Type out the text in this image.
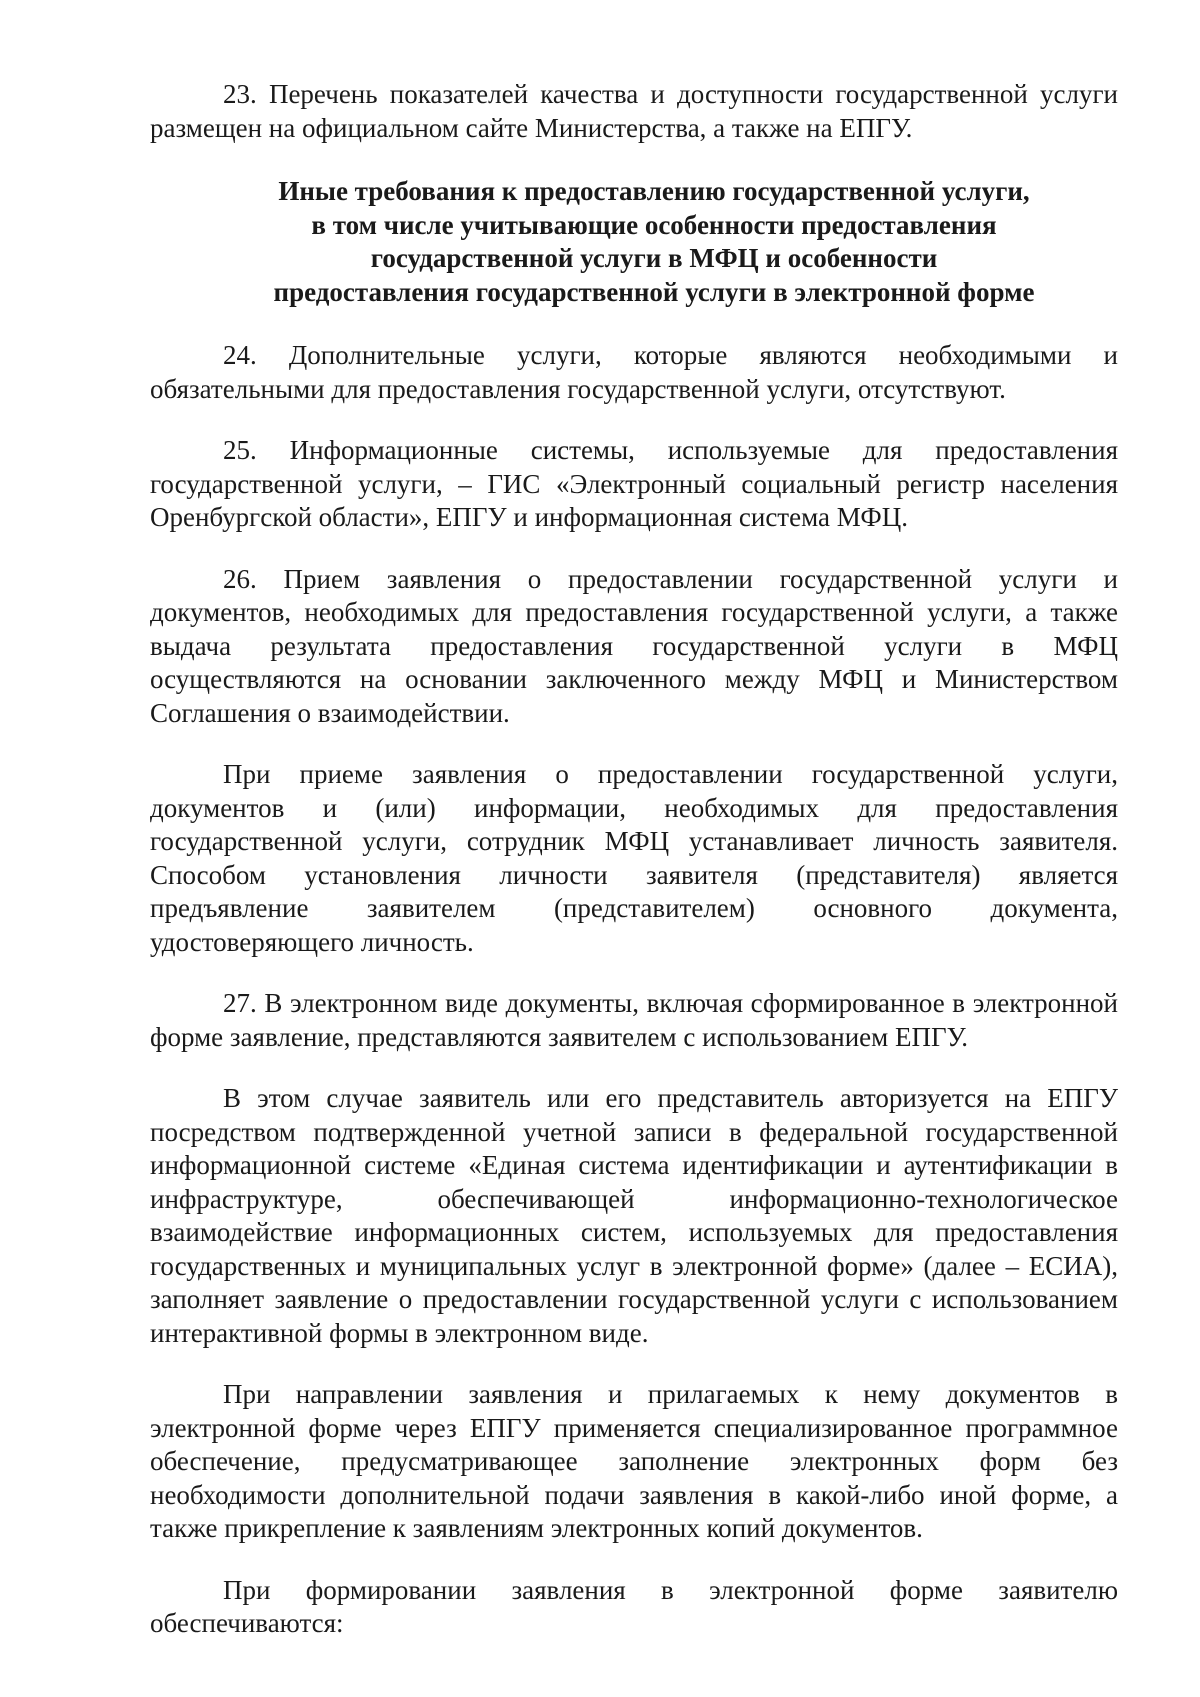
23. Перечень показателей качества и доступности государственной услуги размещен на официальном сайте Министерства, а также на ЕПГУ.

Иные требования к предоставлению государственной услуги,
в том числе учитывающие особенности предоставления
государственной услуги в МФЦ и особенности
предоставления государственной услуги в электронной форме

24. Дополнительные услуги, которые являются необходимыми и обязательными для предоставления государственной услуги, отсутствуют.

25. Информационные системы, используемые для предоставления государственной услуги, – ГИС «Электронный социальный регистр населения Оренбургской области», ЕПГУ и информационная система МФЦ.

26. Прием заявления о предоставлении государственной услуги и документов, необходимых для предоставления государственной услуги, а также выдача результата предоставления государственной услуги в МФЦ осуществляются на основании заключенного между МФЦ и Министерством Соглашения о взаимодействии.

При приеме заявления о предоставлении государственной услуги, документов и (или) информации, необходимых для предоставления государственной услуги, сотрудник МФЦ устанавливает личность заявителя. Способом установления личности заявителя (представителя) является предъявление заявителем (представителем) основного документа, удостоверяющего личность.

27. В электронном виде документы, включая сформированное в электронной форме заявление, представляются заявителем с использованием ЕПГУ.

В этом случае заявитель или его представитель авторизуется на ЕПГУ посредством подтвержденной учетной записи в федеральной государственной информационной системе «Единая система идентификации и аутентификации в инфраструктуре, обеспечивающей информационно-технологическое взаимодействие информационных систем, используемых для предоставления государственных и муниципальных услуг в электронной форме» (далее – ЕСИА), заполняет заявление о предоставлении государственной услуги с использованием интерактивной формы в электронном виде.

При направлении заявления и прилагаемых к нему документов в электронной форме через ЕПГУ применяется специализированное программное обеспечение, предусматривающее заполнение электронных форм без необходимости дополнительной подачи заявления в какой-либо иной форме, а также прикрепление к заявлениям электронных копий документов.

При формировании заявления в электронной форме заявителю обеспечиваются:
